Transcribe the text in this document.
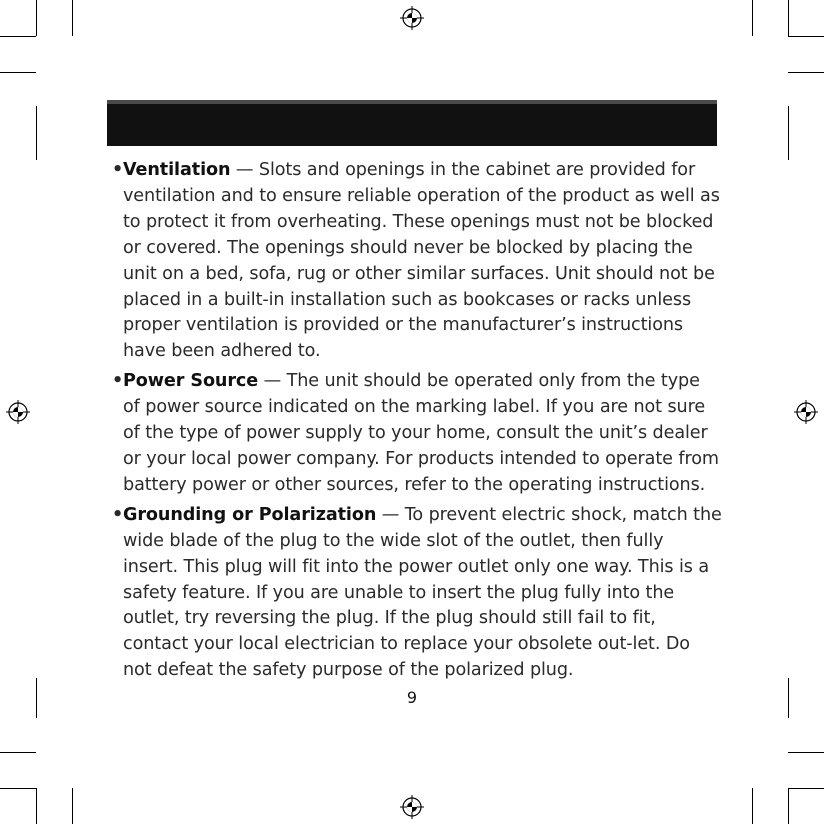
• Ventilation — Slots and openings in the cabinet are provided for ventilation and to ensure reliable operation of the product as well as to protect it from overheating. These openings must not be blocked or covered. The openings should never be blocked by placing the unit on a bed, sofa, rug or other similar surfaces. Unit should not be placed in a built-in installation such as bookcases or racks unless proper ventilation is provided or the manufacturer’s instructions have been adhered to.
• Power Source — The unit should be operated only from the type of power source indicated on the marking label. If you are not sure of the type of power supply to your home, consult the unit’s dealer or your local power company. For products intended to operate from battery power or other sources, refer to the operating instructions.
• Grounding or Polarization — To prevent electric shock, match the wide blade of the plug to the wide slot of the outlet, then fully insert. This plug will fit into the power outlet only one way. This is a safety feature. If you are unable to insert the plug fully into the outlet, try reversing the plug. If the plug should still fail to fit, contact your local electrician to replace your obsolete out-let. Do not defeat the safety purpose of the polarized plug.
9
